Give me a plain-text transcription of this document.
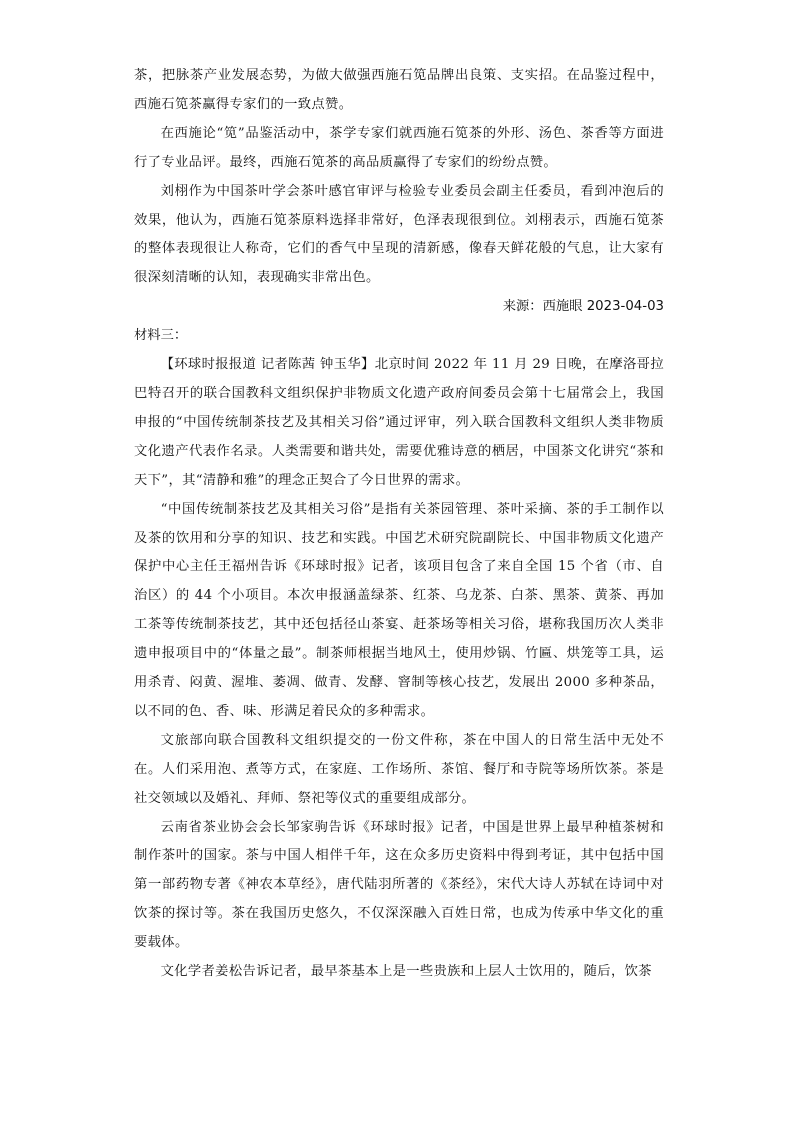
茶，把脉茶产业发展态势，为做大做强西施石笕品牌出良策、支实招。在品鉴过程中，西施石笕茶赢得专家们的一致点赞。

在西施论“笕”品鉴活动中，茶学专家们就西施石笕茶的外形、汤色、茶香等方面进行了专业品评。最终，西施石笕茶的高品质赢得了专家们的纷纷点赞。

刘栩作为中国茶叶学会茶叶感官审评与检验专业委员会副主任委员，看到冲泡后的效果，他认为，西施石笕茶原料选择非常好，色泽表现很到位。刘栩表示，西施石笕茶的整体表现很让人称奇，它们的香气中呈现的清新感，像春天鲜花般的气息，让大家有很深刻清晰的认知，表现确实非常出色。

来源：西施眼 2023-04-03

材料三：

【环球时报报道 记者陈茜 钟玉华】北京时间 2022 年 11 月 29 日晚，在摩洛哥拉巴特召开的联合国教科文组织保护非物质文化遗产政府间委员会第十七届常会上，我国申报的“中国传统制茶技艺及其相关习俗”通过评审，列入联合国教科文组织人类非物质文化遗产代表作名录。人类需要和谐共处，需要优雅诗意的栖居，中国茶文化讲究“茶和天下”，其“清静和雅”的理念正契合了今日世界的需求。

“中国传统制茶技艺及其相关习俗”是指有关茶园管理、茶叶采摘、茶的手工制作以及茶的饮用和分享的知识、技艺和实践。中国艺术研究院副院长、中国非物质文化遗产保护中心主任王福州告诉《环球时报》记者，该项目包含了来自全国 15 个省（市、自治区）的 44 个小项目。本次申报涵盖绿茶、红茶、乌龙茶、白茶、黑茶、黄茶、再加工茶等传统制茶技艺，其中还包括径山茶宴、赶茶场等相关习俗，堪称我国历次人类非遗申报项目中的“体量之最”。制茶师根据当地风土，使用炒锅、竹匾、烘笼等工具，运用杀青、闷黄、渥堆、萎凋、做青、发酵、窨制等核心技艺，发展出 2000 多种茶品，以不同的色、香、味、形满足着民众的多种需求。

文旅部向联合国教科文组织提交的一份文件称，茶在中国人的日常生活中无处不在。人们采用泡、煮等方式，在家庭、工作场所、茶馆、餐厅和寺院等场所饮茶。茶是社交领域以及婚礼、拜师、祭祀等仪式的重要组成部分。

云南省茶业协会会长邹家驹告诉《环球时报》记者，中国是世界上最早种植茶树和制作茶叶的国家。茶与中国人相伴千年，这在众多历史资料中得到考证，其中包括中国第一部药物专著《神农本草经》，唐代陆羽所著的《茶经》，宋代大诗人苏轼在诗词中对饮茶的探讨等。茶在我国历史悠久，不仅深深融入百姓日常，也成为传承中华文化的重要载体。

文化学者姜松告诉记者，最早茶基本上是一些贵族和上层人士饮用的，随后，饮茶
